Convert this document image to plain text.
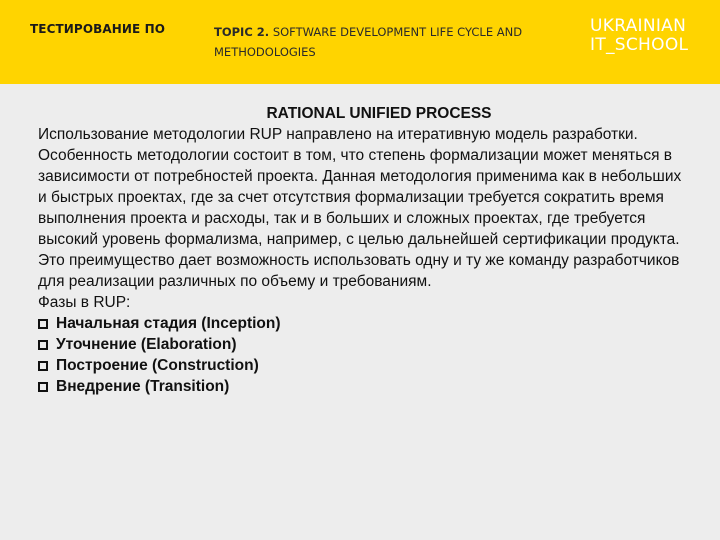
ТЕСТИРОВАНИЕ ПО	TOPIC 2. SOFTWARE DEVELOPMENT LIFE CYCLE AND METHODOLOGIES
UKRAINIAN
IT_SCHOOL
RATIONAL UNIFIED PROCESS

Использование методологии RUP направлено на итеративную модель разработки. Особенность методологии состоит в том, что степень формализации может меняться в зависимости от потребностей проекта. Данная методология применима как в небольших и быстрых проектах, где за счет отсутствия формализации требуется сократить время выполнения проекта и расходы, так и в больших и сложных проектах, где требуется высокий уровень формализма, например, с целью дальнейшей сертификации продукта. Это преимущество дает возможность использовать одну и ту же команду разработчиков для реализации различных по объему и требованиям.

Фазы в RUP:
Начальная стадия (Inception)
Уточнение (Elaboration)
Построение (Construction)
Внедрение (Transition)
